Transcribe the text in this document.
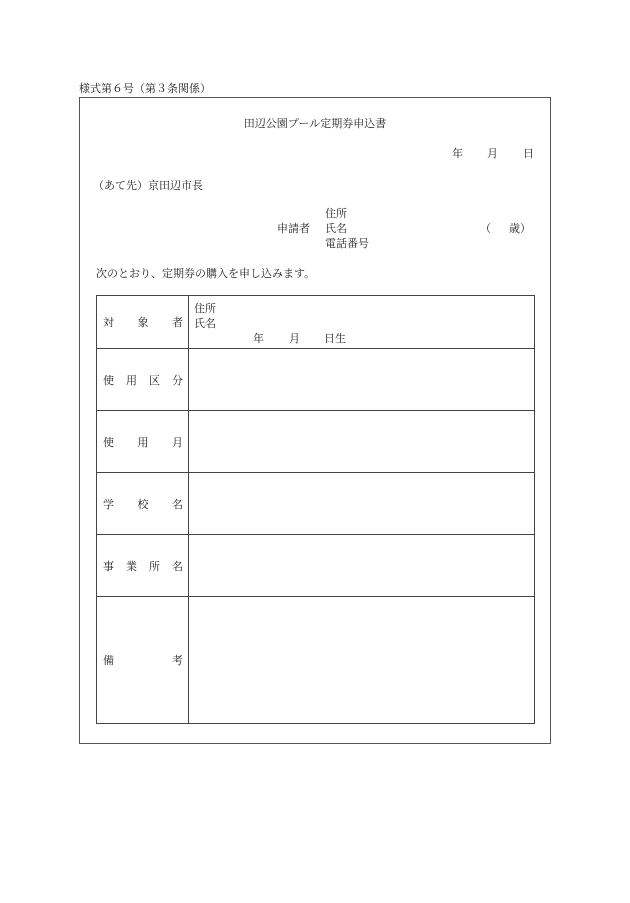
様式第６号（第３条関係）
田辺公園プール定期券申込書
年 月 日
（あて先）京田辺市長
申請者
住所
氏名
電話番号
（ 歳）
次のとおり、定期券の購入を申し込みます。
対象者	住所
氏名
年 月 日生

使用区分	

使用月	

学校名	

事業所名	

備考	
